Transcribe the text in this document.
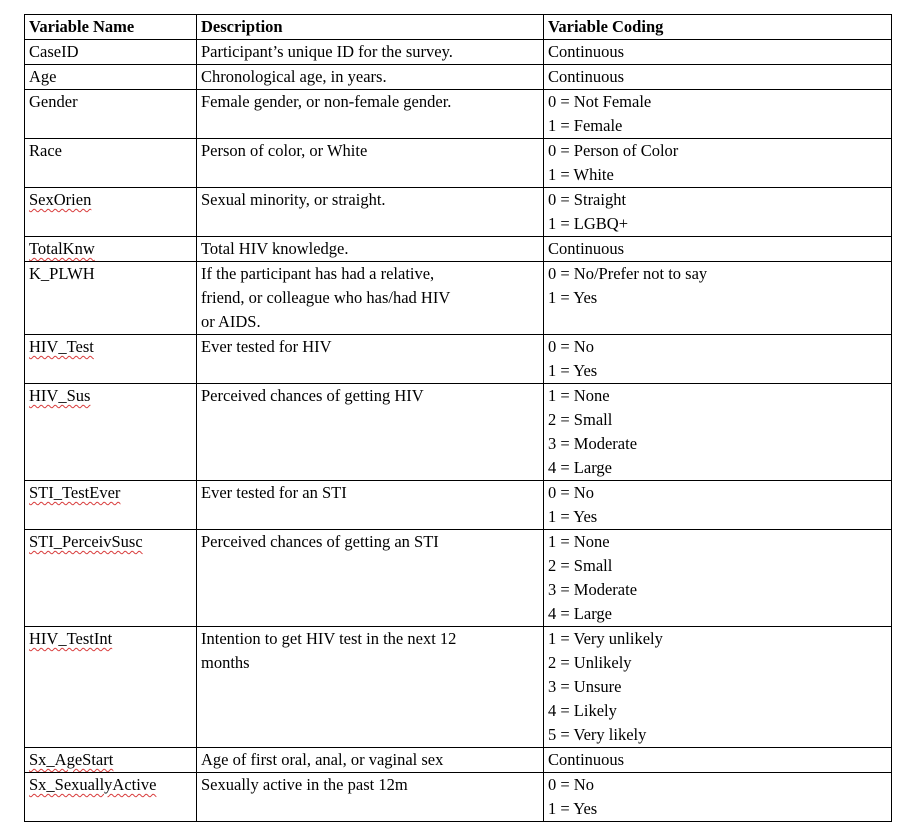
Variable Name	Description	Variable Coding
CaseID	Participant’s unique ID for the survey.	Continuous

Age	Chronological age, in years.	Continuous

Gender	Female gender, or non-female gender.	0 = Not Female
1 = Female

Race	Person of color, or White	0 = Person of Color
1 = White

SexOrien	Sexual minority, or straight.	0 = Straight
1 = LGBQ+

TotalKnw	Total HIV knowledge.	Continuous

K_PLWH	If the participant has had a relative,
friend, or colleague who has/had HIV
or AIDS.	0 = No/Prefer not to say
1 = Yes

HIV_Test	Ever tested for HIV	0 = No
1 = Yes

HIV_Sus	Perceived chances of getting HIV	1 = None
2 = Small
3 = Moderate
4 = Large

STI_TestEver	Ever tested for an STI	0 = No
1 = Yes

STI_PerceivSusc	Perceived chances of getting an STI	1 = None
2 = Small
3 = Moderate
4 = Large

HIV_TestInt	Intention to get HIV test in the next 12
months	1 = Very unlikely
2 = Unlikely
3 = Unsure
4 = Likely
5 = Very likely

Sx_AgeStart	Age of first oral, anal, or vaginal sex	Continuous

Sx_SexuallyActive	Sexually active in the past 12m	0 = No
1 = Yes
